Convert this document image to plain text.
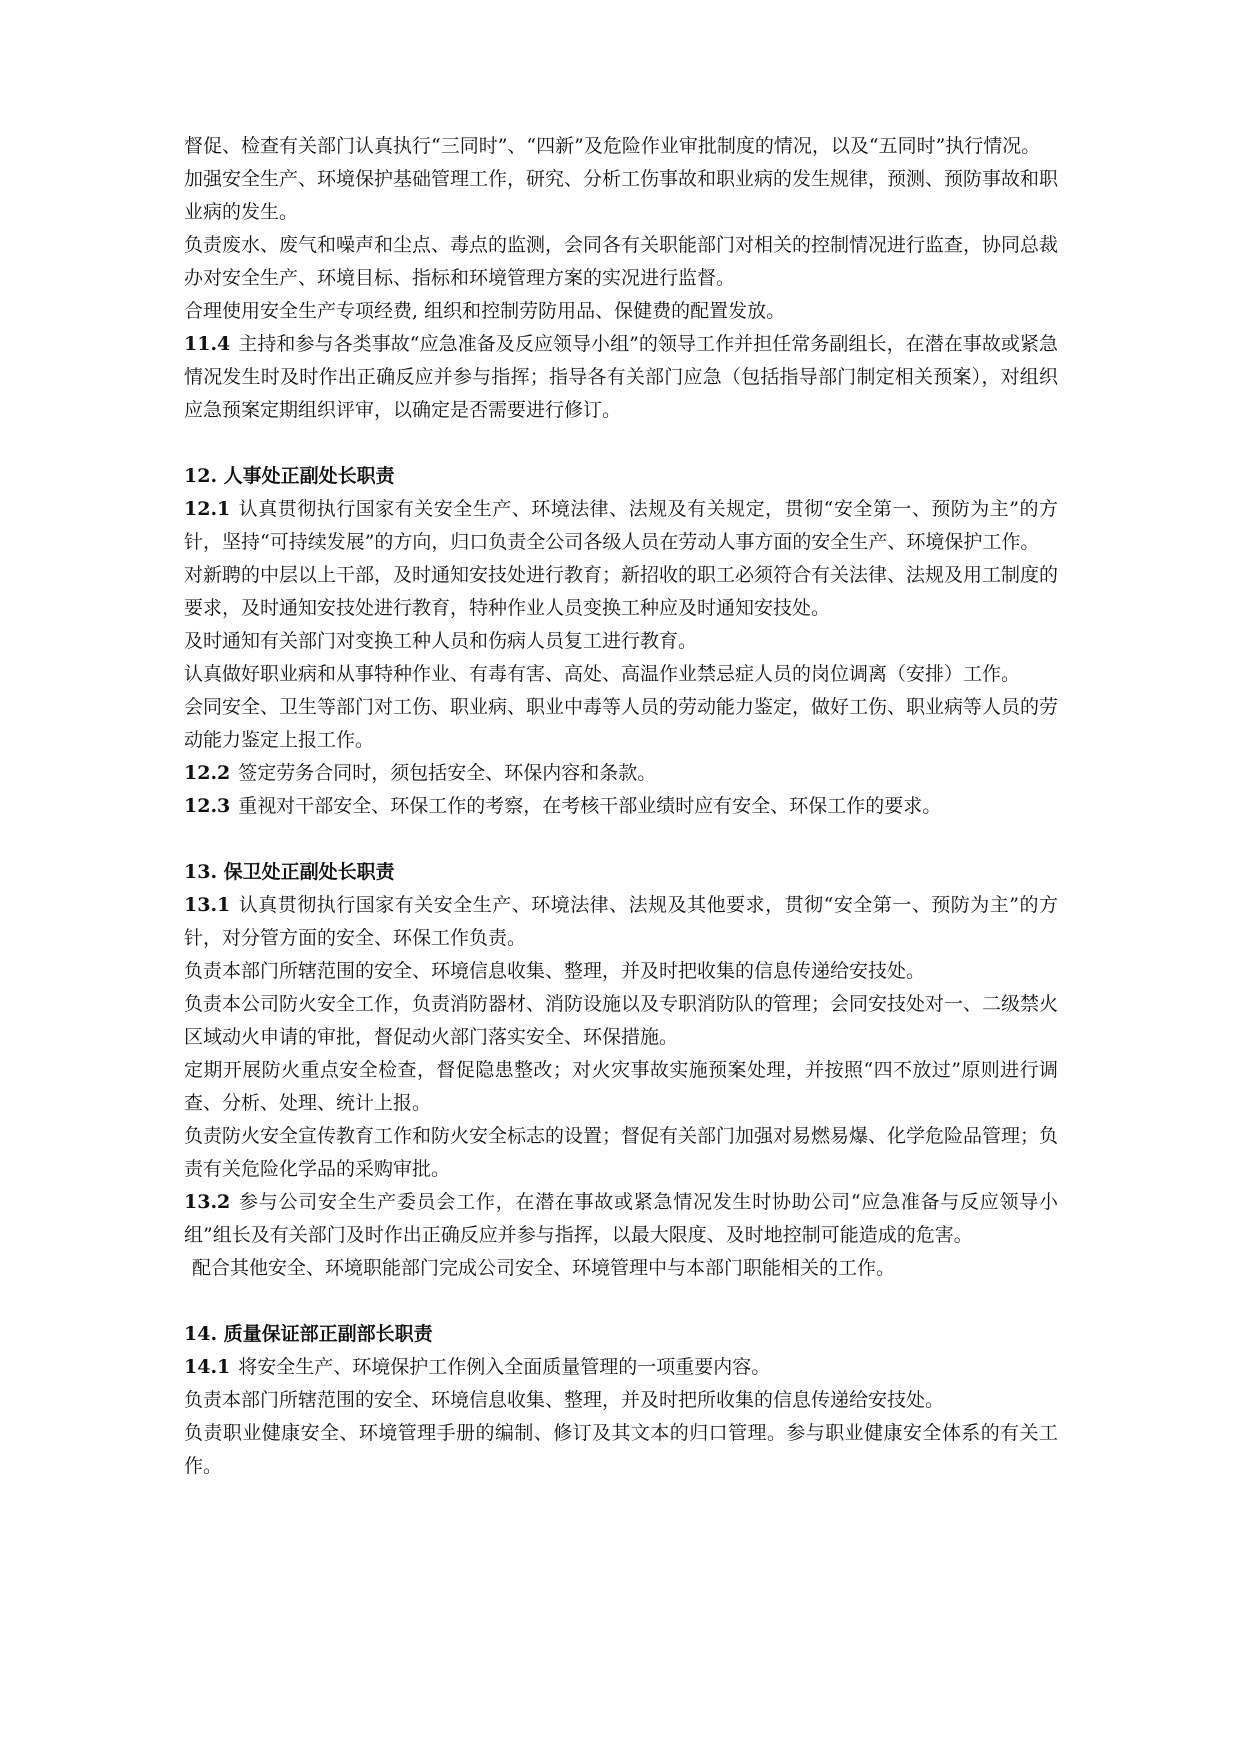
督促、检查有关部门认真执行“三同时”、“四新”及危险作业审批制度的情况，以及“五同时”执行情况。

加强安全生产、环境保护基础管理工作，研究、分析工伤事故和职业病的发生规律，预测、预防事故和职业病的发生。

负责废水、废气和噪声和尘点、毒点的监测，会同各有关职能部门对相关的控制情况进行监查，协同总裁办对安全生产、环境目标、指标和环境管理方案的实况进行监督。

合理使用安全生产专项经费, 组织和控制劳防用品、保健费的配置发放。

11.4 主持和参与各类事故“应急准备及反应领导小组”的领导工作并担任常务副组长，在潜在事故或紧急情况发生时及时作出正确反应并参与指挥；指导各有关部门应急（包括指导部门制定相关预案），对组织应急预案定期组织评审，以确定是否需要进行修订。

12. 人事处正副处长职责

12.1 认真贯彻执行国家有关安全生产、环境法律、法规及有关规定，贯彻“安全第一、预防为主”的方针，坚持“可持续发展”的方向，归口负责全公司各级人员在劳动人事方面的安全生产、环境保护工作。

对新聘的中层以上干部，及时通知安技处进行教育；新招收的职工必须符合有关法律、法规及用工制度的要求，及时通知安技处进行教育，特种作业人员变换工种应及时通知安技处。

及时通知有关部门对变换工种人员和伤病人员复工进行教育。

认真做好职业病和从事特种作业、有毒有害、高处、高温作业禁忌症人员的岗位调离（安排）工作。

会同安全、卫生等部门对工伤、职业病、职业中毒等人员的劳动能力鉴定，做好工伤、职业病等人员的劳动能力鉴定上报工作。

12.2 签定劳务合同时，须包括安全、环保内容和条款。

12.3 重视对干部安全、环保工作的考察，在考核干部业绩时应有安全、环保工作的要求。

13. 保卫处正副处长职责

13.1 认真贯彻执行国家有关安全生产、环境法律、法规及其他要求，贯彻“安全第一、预防为主”的方针，对分管方面的安全、环保工作负责。

负责本部门所辖范围的安全、环境信息收集、整理，并及时把收集的信息传递给安技处。

负责本公司防火安全工作，负责消防器材、消防设施以及专职消防队的管理；会同安技处对一、二级禁火区域动火申请的审批，督促动火部门落实安全、环保措施。

定期开展防火重点安全检查，督促隐患整改；对火灾事故实施预案处理，并按照“四不放过”原则进行调查、分析、处理、统计上报。

负责防火安全宣传教育工作和防火安全标志的设置；督促有关部门加强对易燃易爆、化学危险品管理；负责有关危险化学品的采购审批。

13.2 参与公司安全生产委员会工作，在潜在事故或紧急情况发生时协助公司“应急准备与反应领导小组”组长及有关部门及时作出正确反应并参与指挥，以最大限度、及时地控制可能造成的危害。

配合其他安全、环境职能部门完成公司安全、环境管理中与本部门职能相关的工作。

14. 质量保证部正副部长职责

14.1 将安全生产、环境保护工作例入全面质量管理的一项重要内容。

负责本部门所辖范围的安全、环境信息收集、整理，并及时把所收集的信息传递给安技处。

负责职业健康安全、环境管理手册的编制、修订及其文本的归口管理。参与职业健康安全体系的有关工作。
